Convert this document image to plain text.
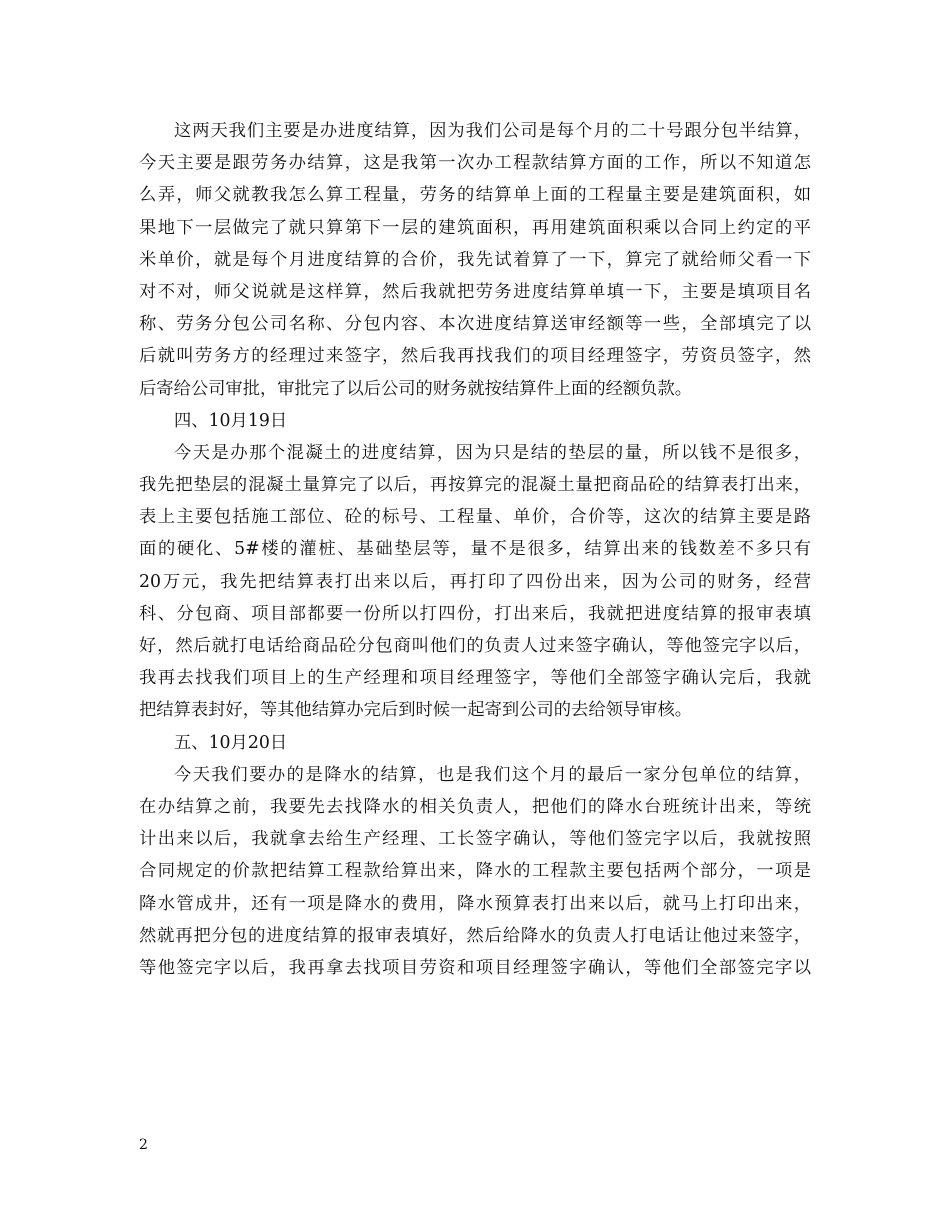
这两天我们主要是办进度结算，因为我们公司是每个月的二十号跟分包半结算，
今天主要是跟劳务办结算，这是我第一次办工程款结算方面的工作，所以不知道怎
么弄，师父就教我怎么算工程量，劳务的结算单上面的工程量主要是建筑面积，如
果地下一层做完了就只算第下一层的建筑面积，再用建筑面积乘以合同上约定的平
米单价，就是每个月进度结算的合价，我先试着算了一下，算完了就给师父看一下
对不对，师父说就是这样算，然后我就把劳务进度结算单填一下，主要是填项目名
称、劳务分包公司名称、分包内容、本次进度结算送审经额等一些，全部填完了以
后就叫劳务方的经理过来签字，然后我再找我们的项目经理签字，劳资员签字，然
后寄给公司审批，审批完了以后公司的财务就按结算件上面的经额负款。
四、10月19日
今天是办那个混凝土的进度结算，因为只是结的垫层的量，所以钱不是很多，
我先把垫层的混凝土量算完了以后，再按算完的混凝土量把商品砼的结算表打出来，
表上主要包括施工部位、砼的标号、工程量、单价，合价等，这次的结算主要是路
面的硬化、5#楼的灌桩、基础垫层等，量不是很多，结算出来的钱数差不多只有
20万元，我先把结算表打出来以后，再打印了四份出来，因为公司的财务，经营
科、分包商、项目部都要一份所以打四份，打出来后，我就把进度结算的报审表填
好，然后就打电话给商品砼分包商叫他们的负责人过来签字确认，等他签完字以后，
我再去找我们项目上的生产经理和项目经理签字，等他们全部签字确认完后，我就
把结算表封好，等其他结算办完后到时候一起寄到公司的去给领导审核。
五、10月20日
今天我们要办的是降水的结算，也是我们这个月的最后一家分包单位的结算，
在办结算之前，我要先去找降水的相关负责人，把他们的降水台班统计出来，等统
计出来以后，我就拿去给生产经理、工长签字确认，等他们签完字以后，我就按照
合同规定的价款把结算工程款给算出来，降水的工程款主要包括两个部分，一项是
降水管成井，还有一项是降水的费用，降水预算表打出来以后，就马上打印出来，
然就再把分包的进度结算的报审表填好，然后给降水的负责人打电话让他过来签字，
等他签完字以后，我再拿去找项目劳资和项目经理签字确认，等他们全部签完字以
2
